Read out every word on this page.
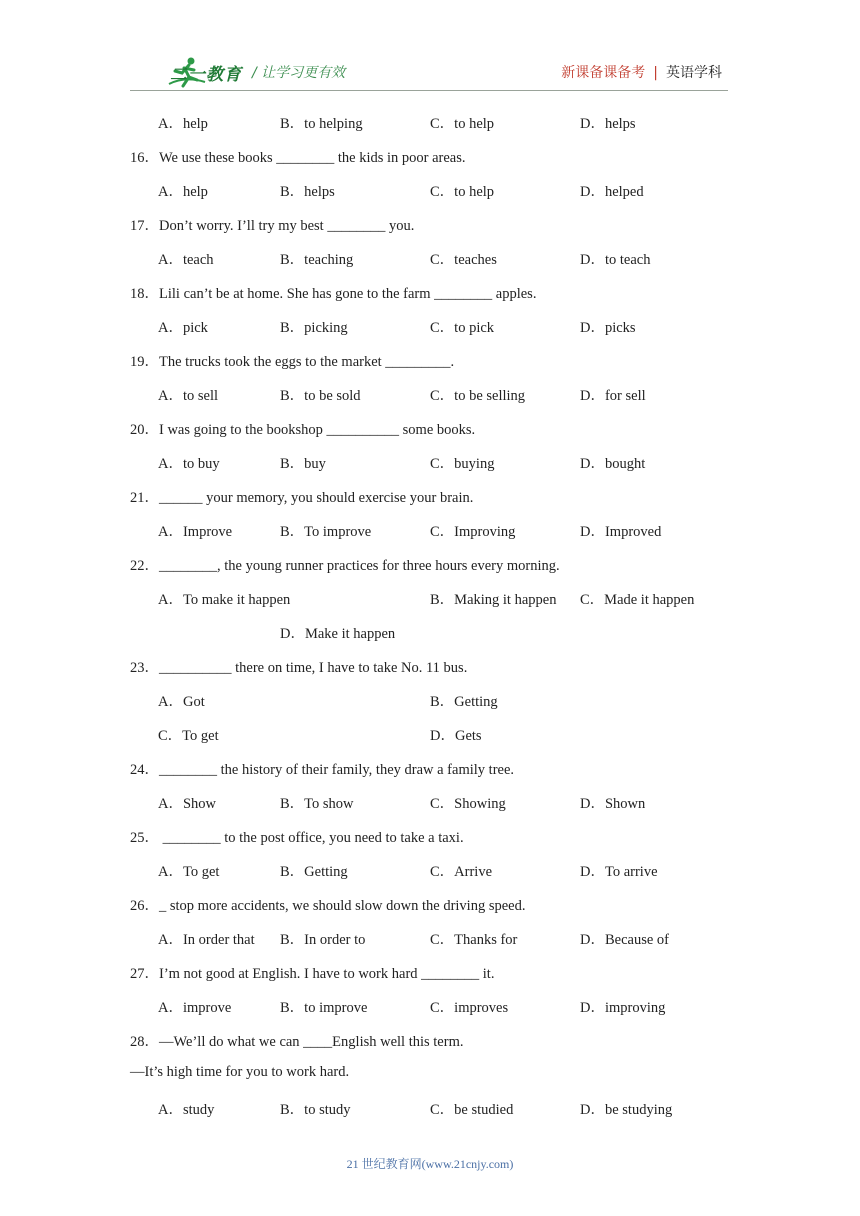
二一教育 / 让学习更有效	新课备课备考 | 英语学科
A．help	B．to helping	C．to help	D．helps
16．We use these books ________ the kids in poor areas.
A．help	B．helps	C．to help	D．helped
17．Don’t worry. I’ll try my best ________ you.
A．teach	B．teaching	C．teaches	D．to teach
18．Lili can’t be at home. She has gone to the farm ________ apples.
A．pick	B．picking	C．to pick	D．picks
19．The trucks took the eggs to the market _________.
A．to sell	B．to be sold	C．to be selling	D．for sell
20．I was going to the bookshop __________ some books.
A．to buy	B．buy	C．buying	D．bought
21．______ your memory, you should exercise your brain.
A．Improve	B．To improve	C．Improving	D．Improved
22．________, the young runner practices for three hours every morning.
A．To make it happen	B．Making it happen C．Made it happen
D．Make it happen
23．__________ there on time, I have to take No. 11 bus.
A．Got	B．Getting
C．To get	D．Gets
24．________ the history of their family, they draw a family tree.
A．Show	B．To show	C．Showing	D．Shown
25． ________ to the post office, you need to take a taxi.
A．To get	B．Getting	C．Arrive	D．To arrive
26．_ stop more accidents, we should slow down the driving speed.
A．In order that B．In order to	C．Thanks for	D．Because of
27．I’m not good at English. I have to work hard ________ it.
A．improve	B．to improve	C．improves	D．improving
28．—We’ll do what we can ____English well this term.
—It’s high time for you to work hard.
A．study	B．to study	C．be studied	D．be studying
21 世纪教育网(www.21cnjy.com)
